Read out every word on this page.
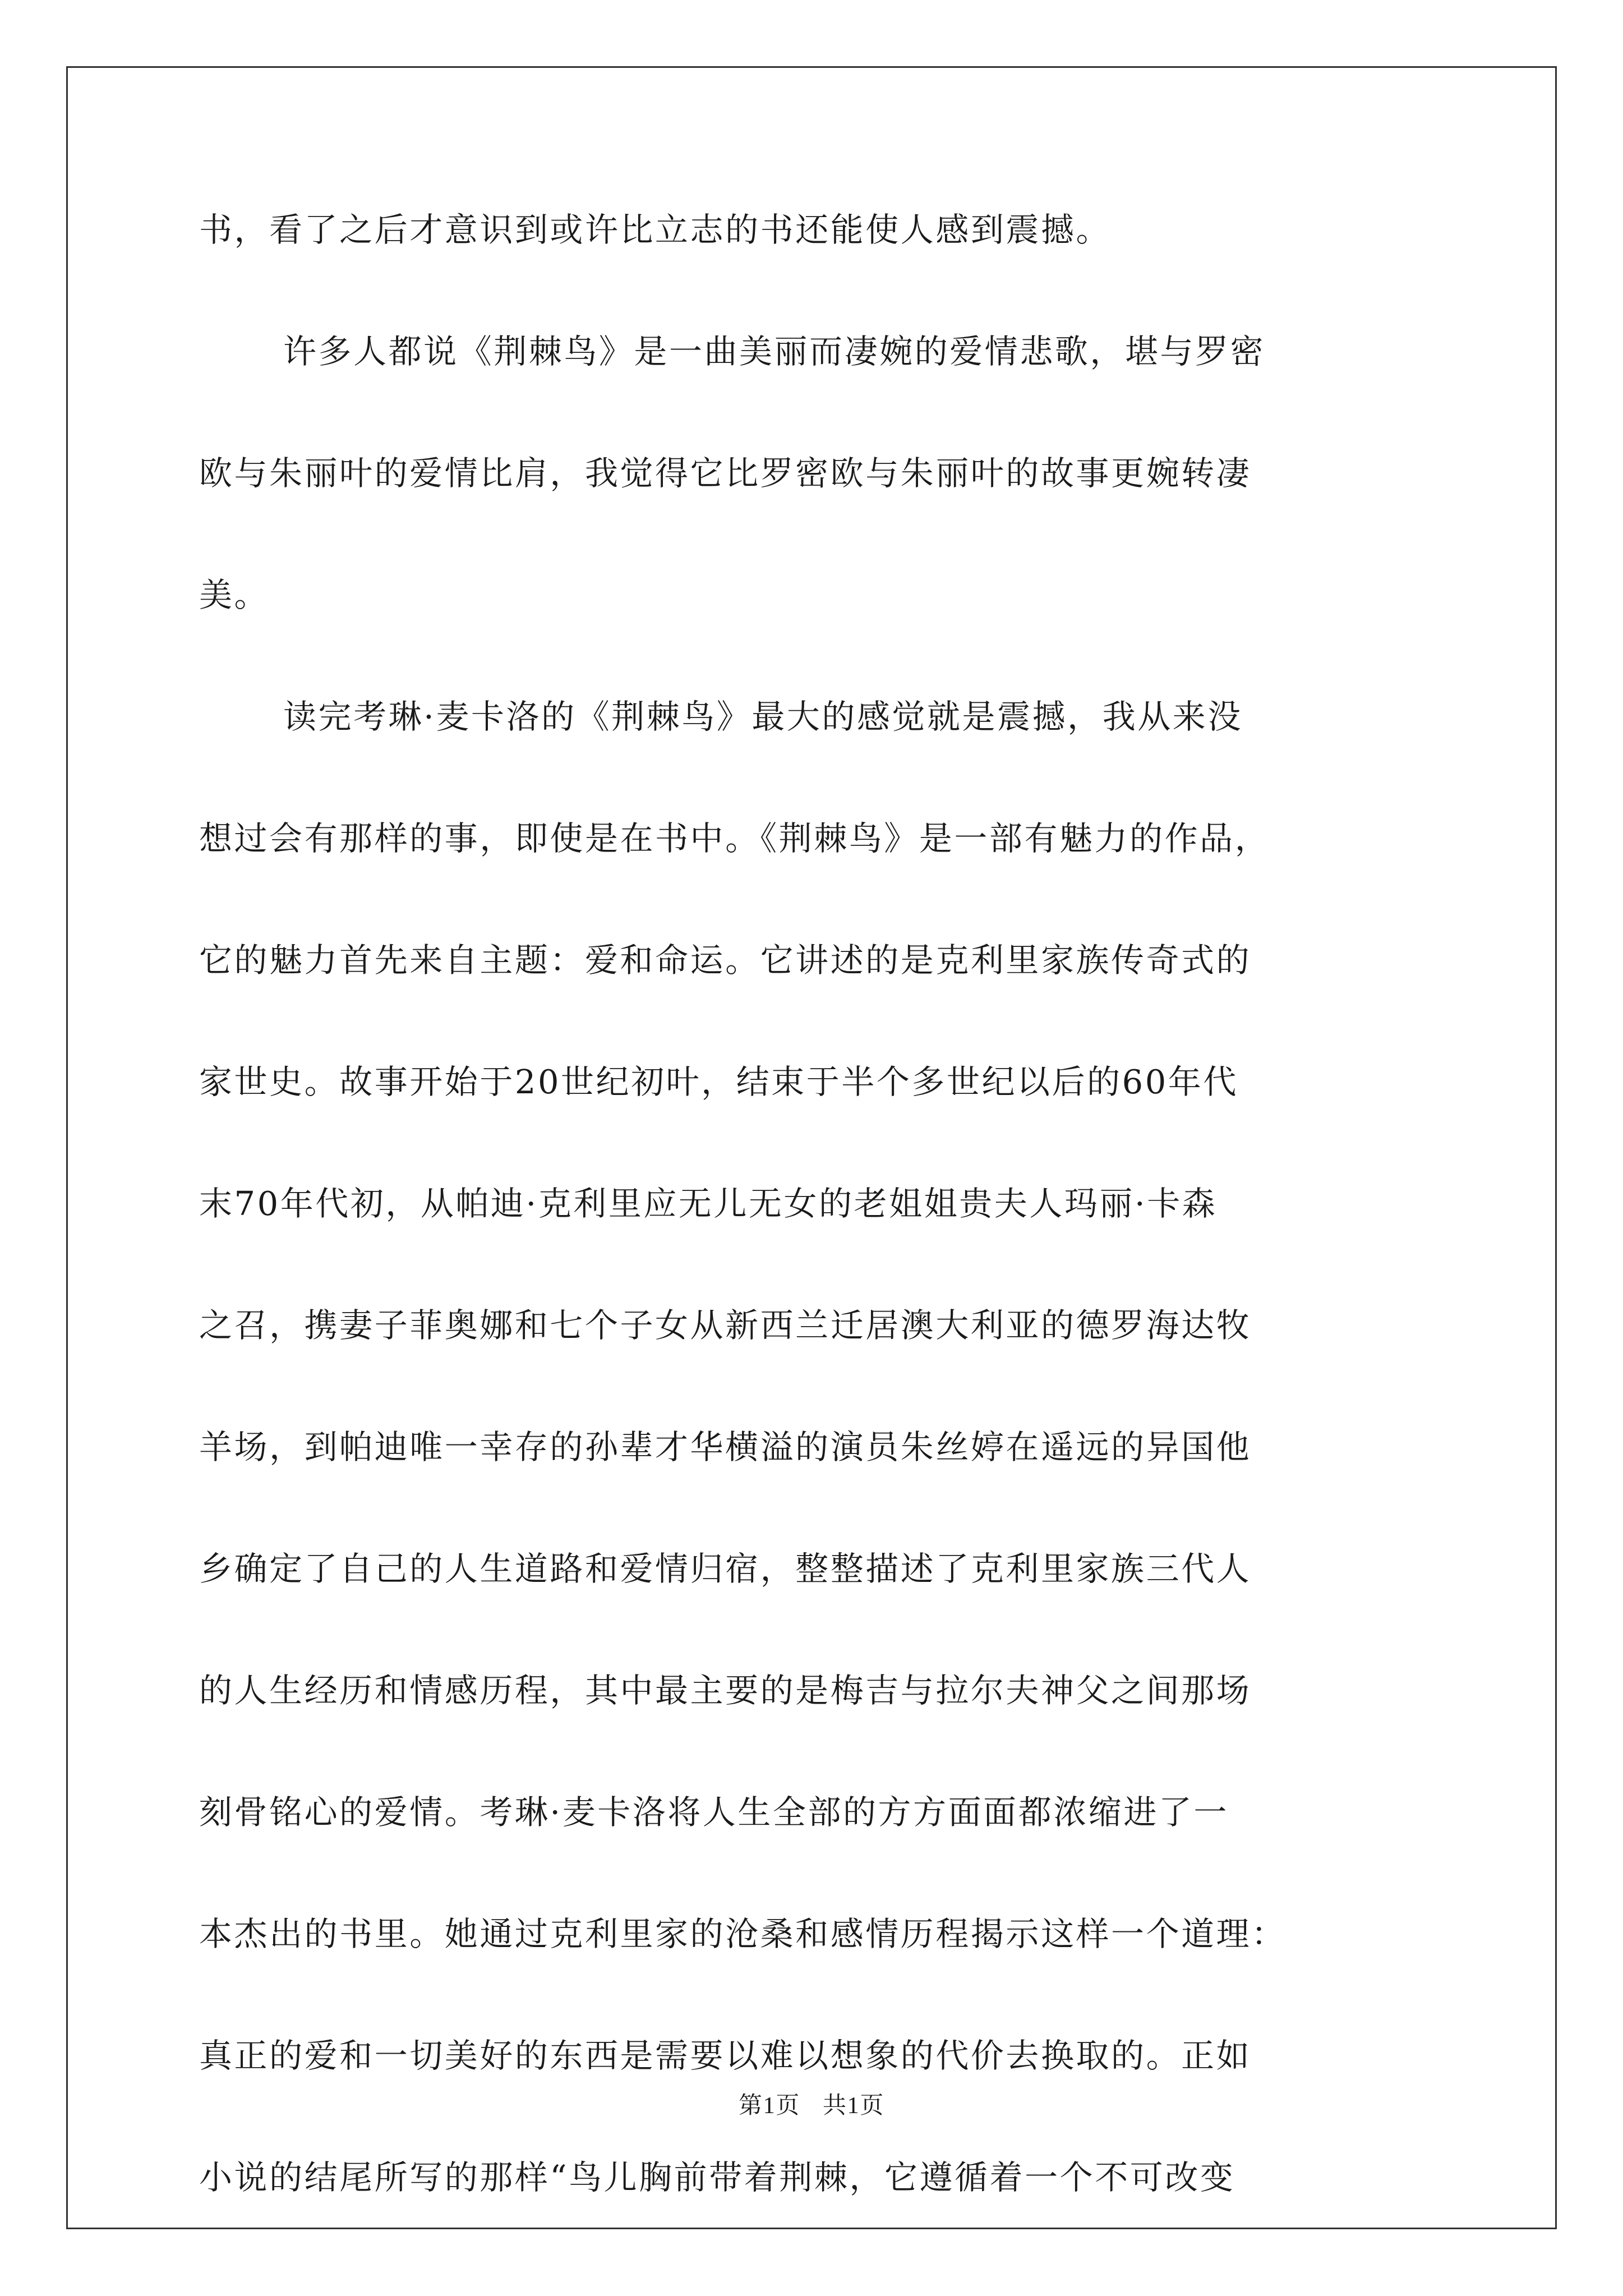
书，看了之后才意识到或许比立志的书还能使人感到震撼。
许多人都说《荆棘鸟》是一曲美丽而凄婉的爱情悲歌，堪与罗密
欧与朱丽叶的爱情比肩，我觉得它比罗密欧与朱丽叶的故事更婉转凄
美。
读完考琳·麦卡洛的《荆棘鸟》最大的感觉就是震撼，我从来没
想过会有那样的事，即使是在书中。《荆棘鸟》是一部有魅力的作品，
它的魅力首先来自主题：爱和命运。它讲述的是克利里家族传奇式的
家世史。故事开始于20世纪初叶，结束于半个多世纪以后的60年代
末70年代初，从帕迪·克利里应无儿无女的老姐姐贵夫人玛丽·卡森
之召，携妻子菲奥娜和七个子女从新西兰迁居澳大利亚的德罗海达牧
羊场，到帕迪唯一幸存的孙辈才华横溢的演员朱丝婷在遥远的异国他
乡确定了自己的人生道路和爱情归宿，整整描述了克利里家族三代人
的人生经历和情感历程，其中最主要的是梅吉与拉尔夫神父之间那场
刻骨铭心的爱情。考琳·麦卡洛将人生全部的方方面面都浓缩进了一
本杰出的书里。她通过克利里家的沧桑和感情历程揭示这样一个道理：
真正的爱和一切美好的东西是需要以难以想象的代价去换取的。正如
小说的结尾所写的那样“鸟儿胸前带着荆棘，它遵循着一个不可改变
第1页 共1页
